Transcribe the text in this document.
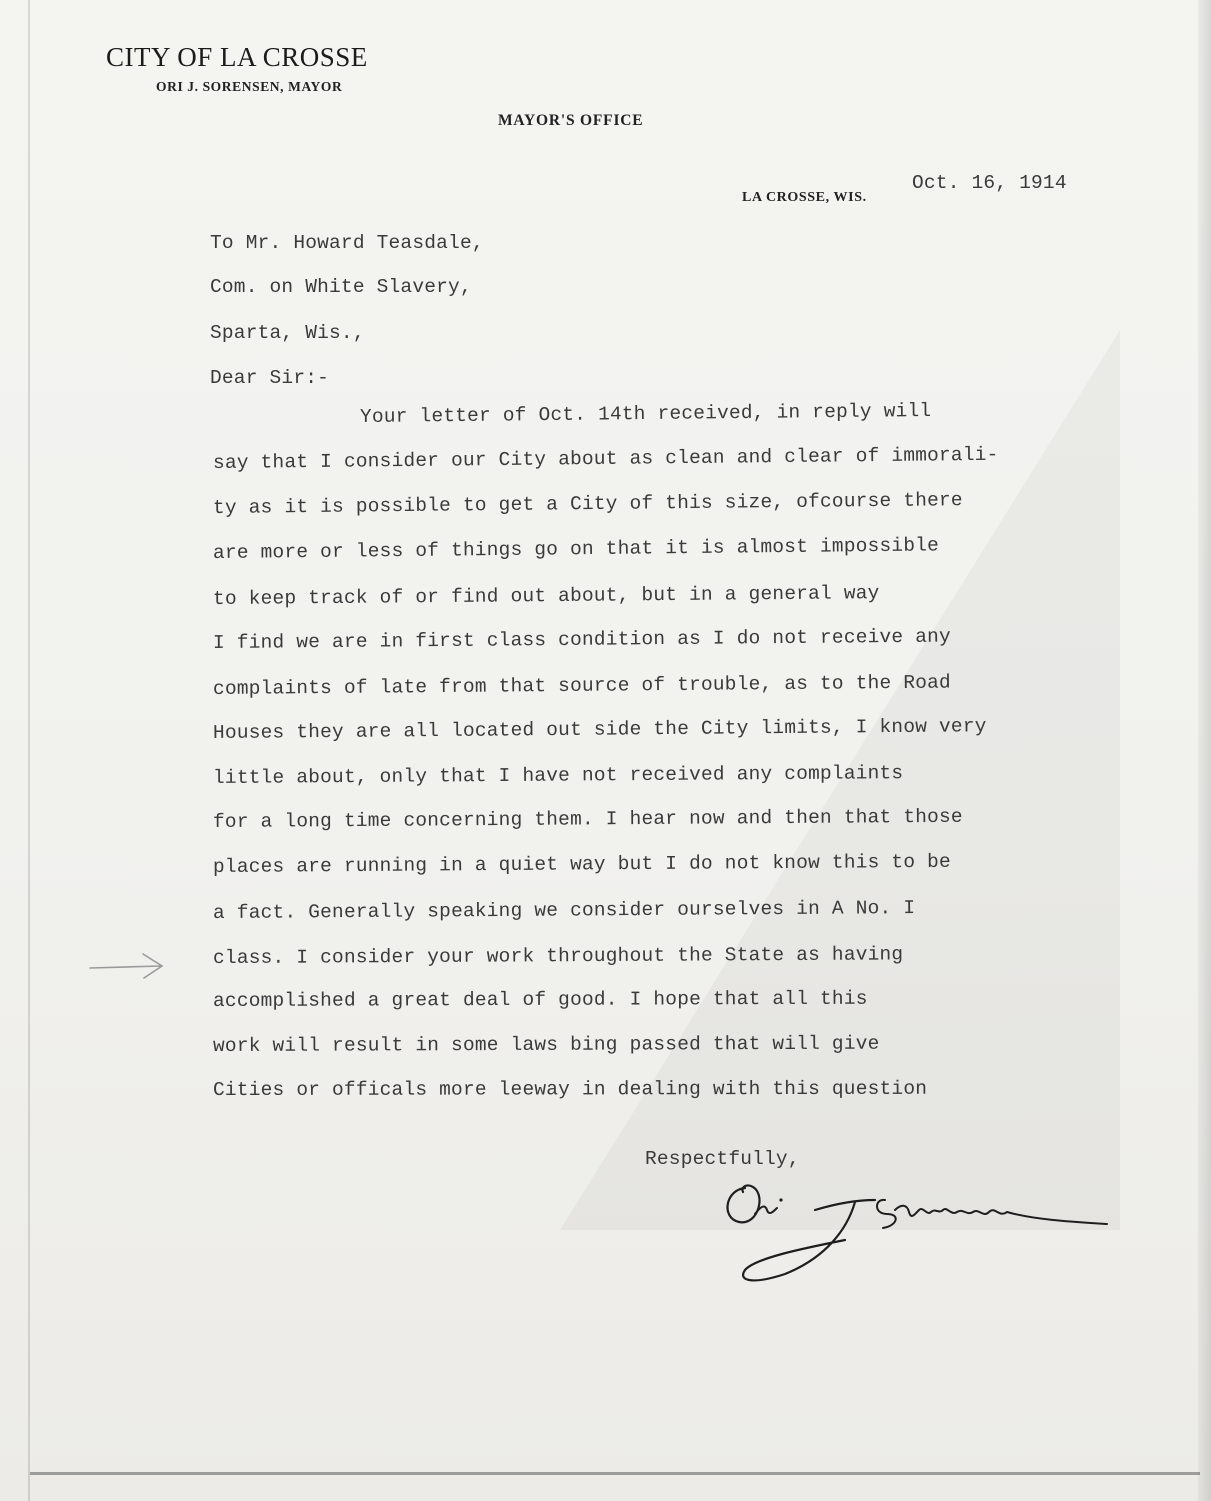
CITY OF LA CROSSE
ORI J. SORENSEN, MAYOR
MAYOR'S OFFICE
LA CROSSE, WIS.
Oct. 16, 1914
To Mr. Howard Teasdale,
Com. on White Slavery,
Sparta, Wis.,
Dear Sir:-
Your letter of Oct. 14th received, in reply will
say that I consider our City about as clean and clear of immorali-
ty as it is possible to get a City of this size, ofcourse there
are more or less of things go on that it is almost impossible
to keep track of or find out about, but in a general way
I find we are in first class condition as I do not receive any
complaints of late from that source of trouble, as to the Road
Houses they are all located out side the City limits, I know very
little about, only that I have not received any complaints
for a long time concerning them. I hear now and then that those
places are running in a quiet way but I do not know this to be
a fact. Generally speaking we consider ourselves in A No. I
class. I consider your work throughout the State as having
accomplished a great deal of good. I hope that all this
work will result in some laws bing passed that will give
Cities or officals more leeway in dealing with this question
Respectfully,
